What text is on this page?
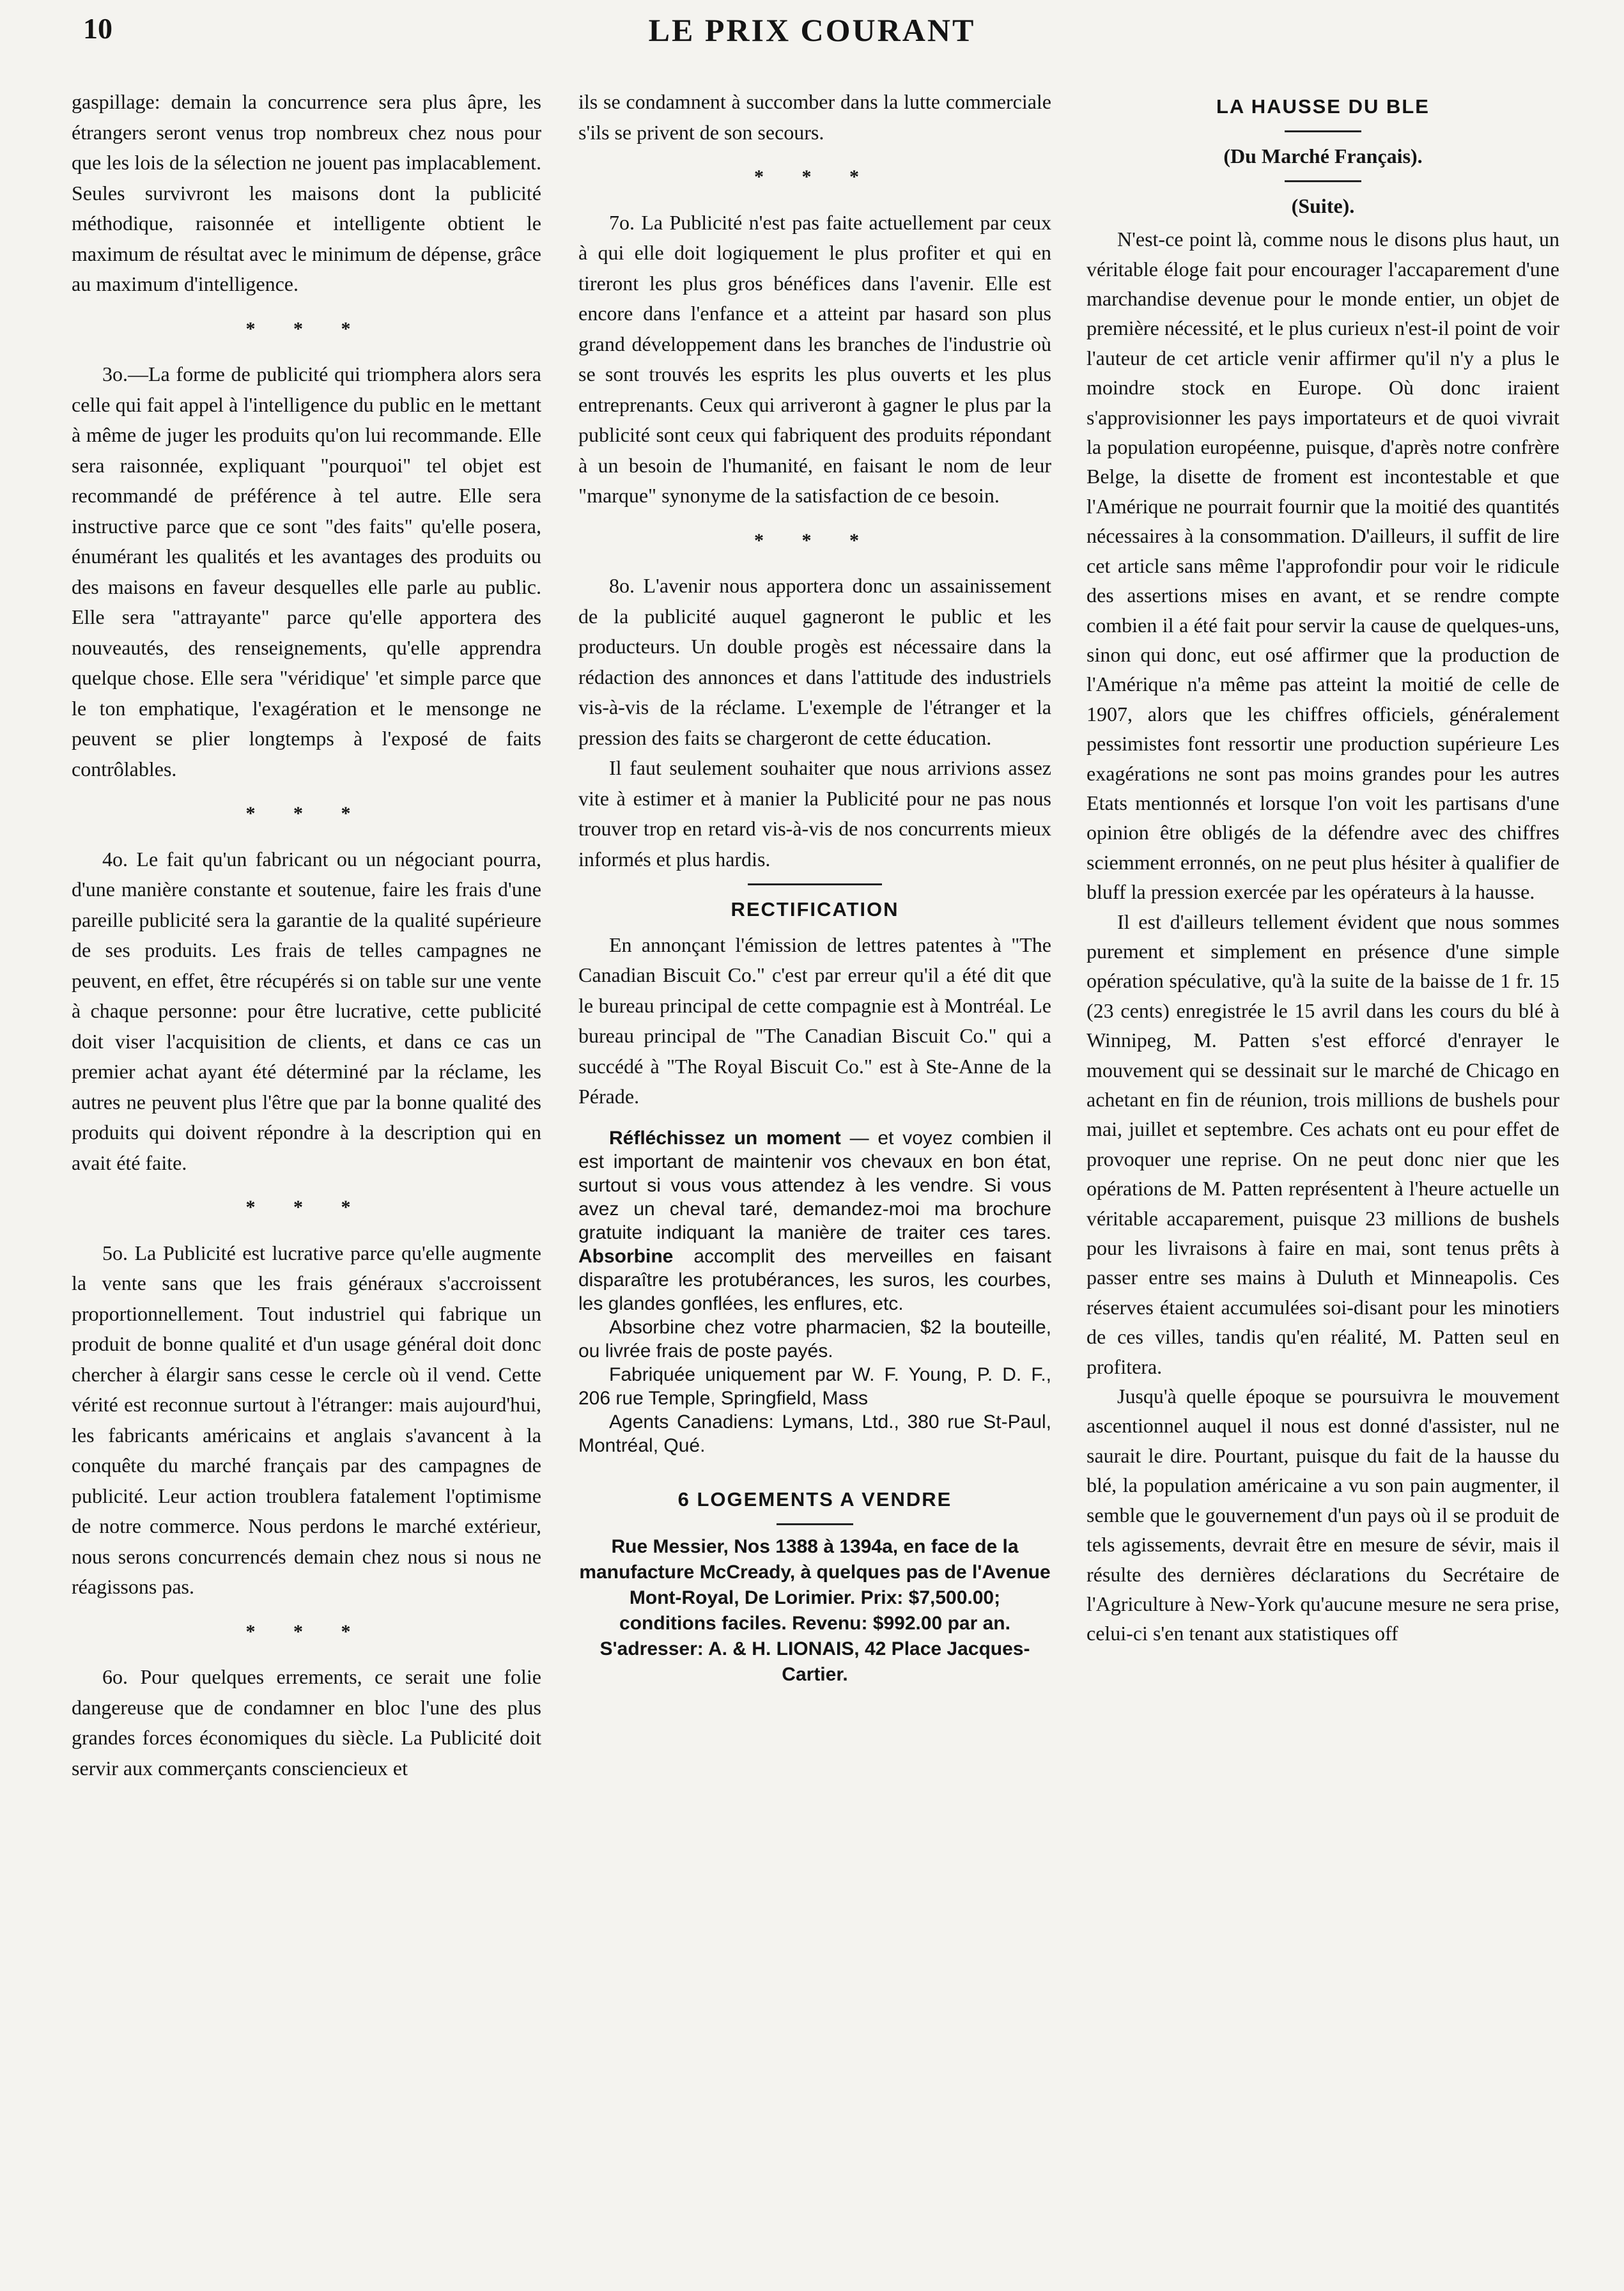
10	LE PRIX COURANT

gaspillage: demain la concurrence sera plus âpre, les étrangers seront venus trop nombreux chez nous pour que les lois de la sélection ne jouent pas implacablement. Seules survivront les maisons dont la publicité méthodique, raisonnée et intelligente obtient le maximum de résultat avec le minimum de dépense, grâce au maximum d'intelligence.

* * *

3o.—La forme de publicité qui triomphera alors sera celle qui fait appel à l'intelligence du public en le mettant à même de juger les produits qu'on lui recommande. Elle sera raisonnée, expliquant "pourquoi" tel objet est recommandé de préférence à tel autre. Elle sera instructive parce que ce sont "des faits" qu'elle posera, énumérant les qualités et les avantages des produits ou des maisons en faveur desquelles elle parle au public. Elle sera "attrayante" parce qu'elle apportera des nouveautés, des renseignements, qu'elle apprendra quelque chose. Elle sera "véridique' 'et simple parce que le ton emphatique, l'exagération et le mensonge ne peuvent se plier longtemps à l'exposé de faits contrôlables.

* * *

4o. Le fait qu'un fabricant ou un négociant pourra, d'une manière constante et soutenue, faire les frais d'une pareille publicité sera la garantie de la qualité supérieure de ses produits. Les frais de telles campagnes ne peuvent, en effet, être récupérés si on table sur une vente à chaque personne: pour être lucrative, cette publicité doit viser l'acquisition de clients, et dans ce cas un premier achat ayant été déterminé par la réclame, les autres ne peuvent plus l'être que par la bonne qualité des produits qui doivent répondre à la description qui en avait été faite.

* * *

5o. La Publicité est lucrative parce qu'elle augmente la vente sans que les frais généraux s'accroissent proportionnellement. Tout industriel qui fabrique un produit de bonne qualité et d'un usage général doit donc chercher à élargir sans cesse le cercle où il vend. Cette vérité est reconnue surtout à l'étranger: mais aujourd'hui, les fabricants américains et anglais s'avancent à la conquête du marché français par des campagnes de publicité. Leur action troublera fatalement l'optimisme de notre commerce. Nous perdons le marché extérieur, nous serons concurrencés demain chez nous si nous ne réagissons pas.

* * *

6o. Pour quelques errements, ce serait une folie dangereuse que de condamner en bloc l'une des plus grandes forces économiques du siècle. La Publicité doit servir aux commerçants consciencieux et

ils se condamnent à succomber dans la lutte commerciale s'ils se privent de son secours.

* * *

7o. La Publicité n'est pas faite actuellement par ceux à qui elle doit logiquement le plus profiter et qui en tireront les plus gros bénéfices dans l'avenir. Elle est encore dans l'enfance et a atteint par hasard son plus grand développement dans les branches de l'industrie où se sont trouvés les esprits les plus ouverts et les plus entreprenants. Ceux qui arriveront à gagner le plus par la publicité sont ceux qui fabriquent des produits répondant à un besoin de l'humanité, en faisant le nom de leur "marque" synonyme de la satisfaction de ce besoin.

* * *

8o. L'avenir nous apportera donc un assainissement de la publicité auquel gagneront le public et les producteurs. Un double progès est nécessaire dans la rédaction des annonces et dans l'attitude des industriels vis-à-vis de la réclame. L'exemple de l'étranger et la pression des faits se chargeront de cette éducation.

Il faut seulement souhaiter que nous arrivions assez vite à estimer et à manier la Publicité pour ne pas nous trouver trop en retard vis-à-vis de nos concurrents mieux informés et plus hardis.

RECTIFICATION

En annonçant l'émission de lettres patentes à "The Canadian Biscuit Co." c'est par erreur qu'il a été dit que le bureau principal de cette compagnie est à Montréal. Le bureau principal de "The Canadian Biscuit Co." qui a succédé à "The Royal Biscuit Co." est à Ste-Anne de la Pérade.

Réfléchissez un moment — et voyez combien il est important de maintenir vos chevaux en bon état, surtout si vous vous attendez à les vendre. Si vous avez un cheval taré, demandez-moi ma brochure gratuite indiquant la manière de traiter ces tares. Absorbine accomplit des merveilles en faisant disparaître les protubérances, les suros, les courbes, les glandes gonflées, les enflures, etc.

Absorbine chez votre pharmacien, $2 la bouteille, ou livrée frais de poste payés.

Fabriquée uniquement par W. F. Young, P. D. F., 206 rue Temple, Springfield, Mass

Agents Canadiens: Lymans, Ltd., 380 rue St-Paul, Montréal, Qué.

6 LOGEMENTS A VENDRE

Rue Messier, Nos 1388 à 1394a, en face de la manufacture McCready, à quelques pas de l'Avenue Mont-Royal, De Lorimier. Prix: $7,500.00; conditions faciles. Revenu: $992.00 par an. S'adresser: A. & H. LIONAIS, 42 Place Jacques-Cartier.

LA HAUSSE DU BLE
(Du Marché Français).
(Suite).

N'est-ce point là, comme nous le disons plus haut, un véritable éloge fait pour encourager l'accaparement d'une marchandise devenue pour le monde entier, un objet de première nécessité, et le plus curieux n'est-il point de voir l'auteur de cet article venir affirmer qu'il n'y a plus le moindre stock en Europe. Où donc iraient s'approvisionner les pays importateurs et de quoi vivrait la population européenne, puisque, d'après notre confrère Belge, la disette de froment est incontestable et que l'Amérique ne pourrait fournir que la moitié des quantités nécessaires à la consommation. D'ailleurs, il suffit de lire cet article sans même l'approfondir pour voir le ridicule des assertions mises en avant, et se rendre compte combien il a été fait pour servir la cause de quelques-uns, sinon qui donc, eut osé affirmer que la production de l'Amérique n'a même pas atteint la moitié de celle de 1907, alors que les chiffres officiels, généralement pessimistes font ressortir une production supérieure Les exagérations ne sont pas moins grandes pour les autres Etats mentionnés et lorsque l'on voit les partisans d'une opinion être obligés de la défendre avec des chiffres sciemment erronnés, on ne peut plus hésiter à qualifier de bluff la pression exercée par les opérateurs à la hausse.

Il est d'ailleurs tellement évident que nous sommes purement et simplement en présence d'une simple opération spéculative, qu'à la suite de la baisse de 1 fr. 15 (23 cents) enregistrée le 15 avril dans les cours du blé à Winnipeg, M. Patten s'est efforcé d'enrayer le mouvement qui se dessinait sur le marché de Chicago en achetant en fin de réunion, trois millions de bushels pour mai, juillet et septembre. Ces achats ont eu pour effet de provoquer une reprise. On ne peut donc nier que les opérations de M. Patten représentent à l'heure actuelle un véritable accaparement, puisque 23 millions de bushels pour les livraisons à faire en mai, sont tenus prêts à passer entre ses mains à Duluth et Minneapolis. Ces réserves étaient accumulées soi-disant pour les minotiers de ces villes, tandis qu'en réalité, M. Patten seul en profitera.

Jusqu'à quelle époque se poursuivra le mouvement ascentionnel auquel il nous est donné d'assister, nul ne saurait le dire. Pourtant, puisque du fait de la hausse du blé, la population américaine a vu son pain augmenter, il semble que le gouvernement d'un pays où il se produit de tels agissements, devrait être en mesure de sévir, mais il résulte des dernières déclarations du Secrétaire de l'Agriculture à New-York qu'aucune mesure ne sera prise, celui-ci s'en tenant aux statistiques off
